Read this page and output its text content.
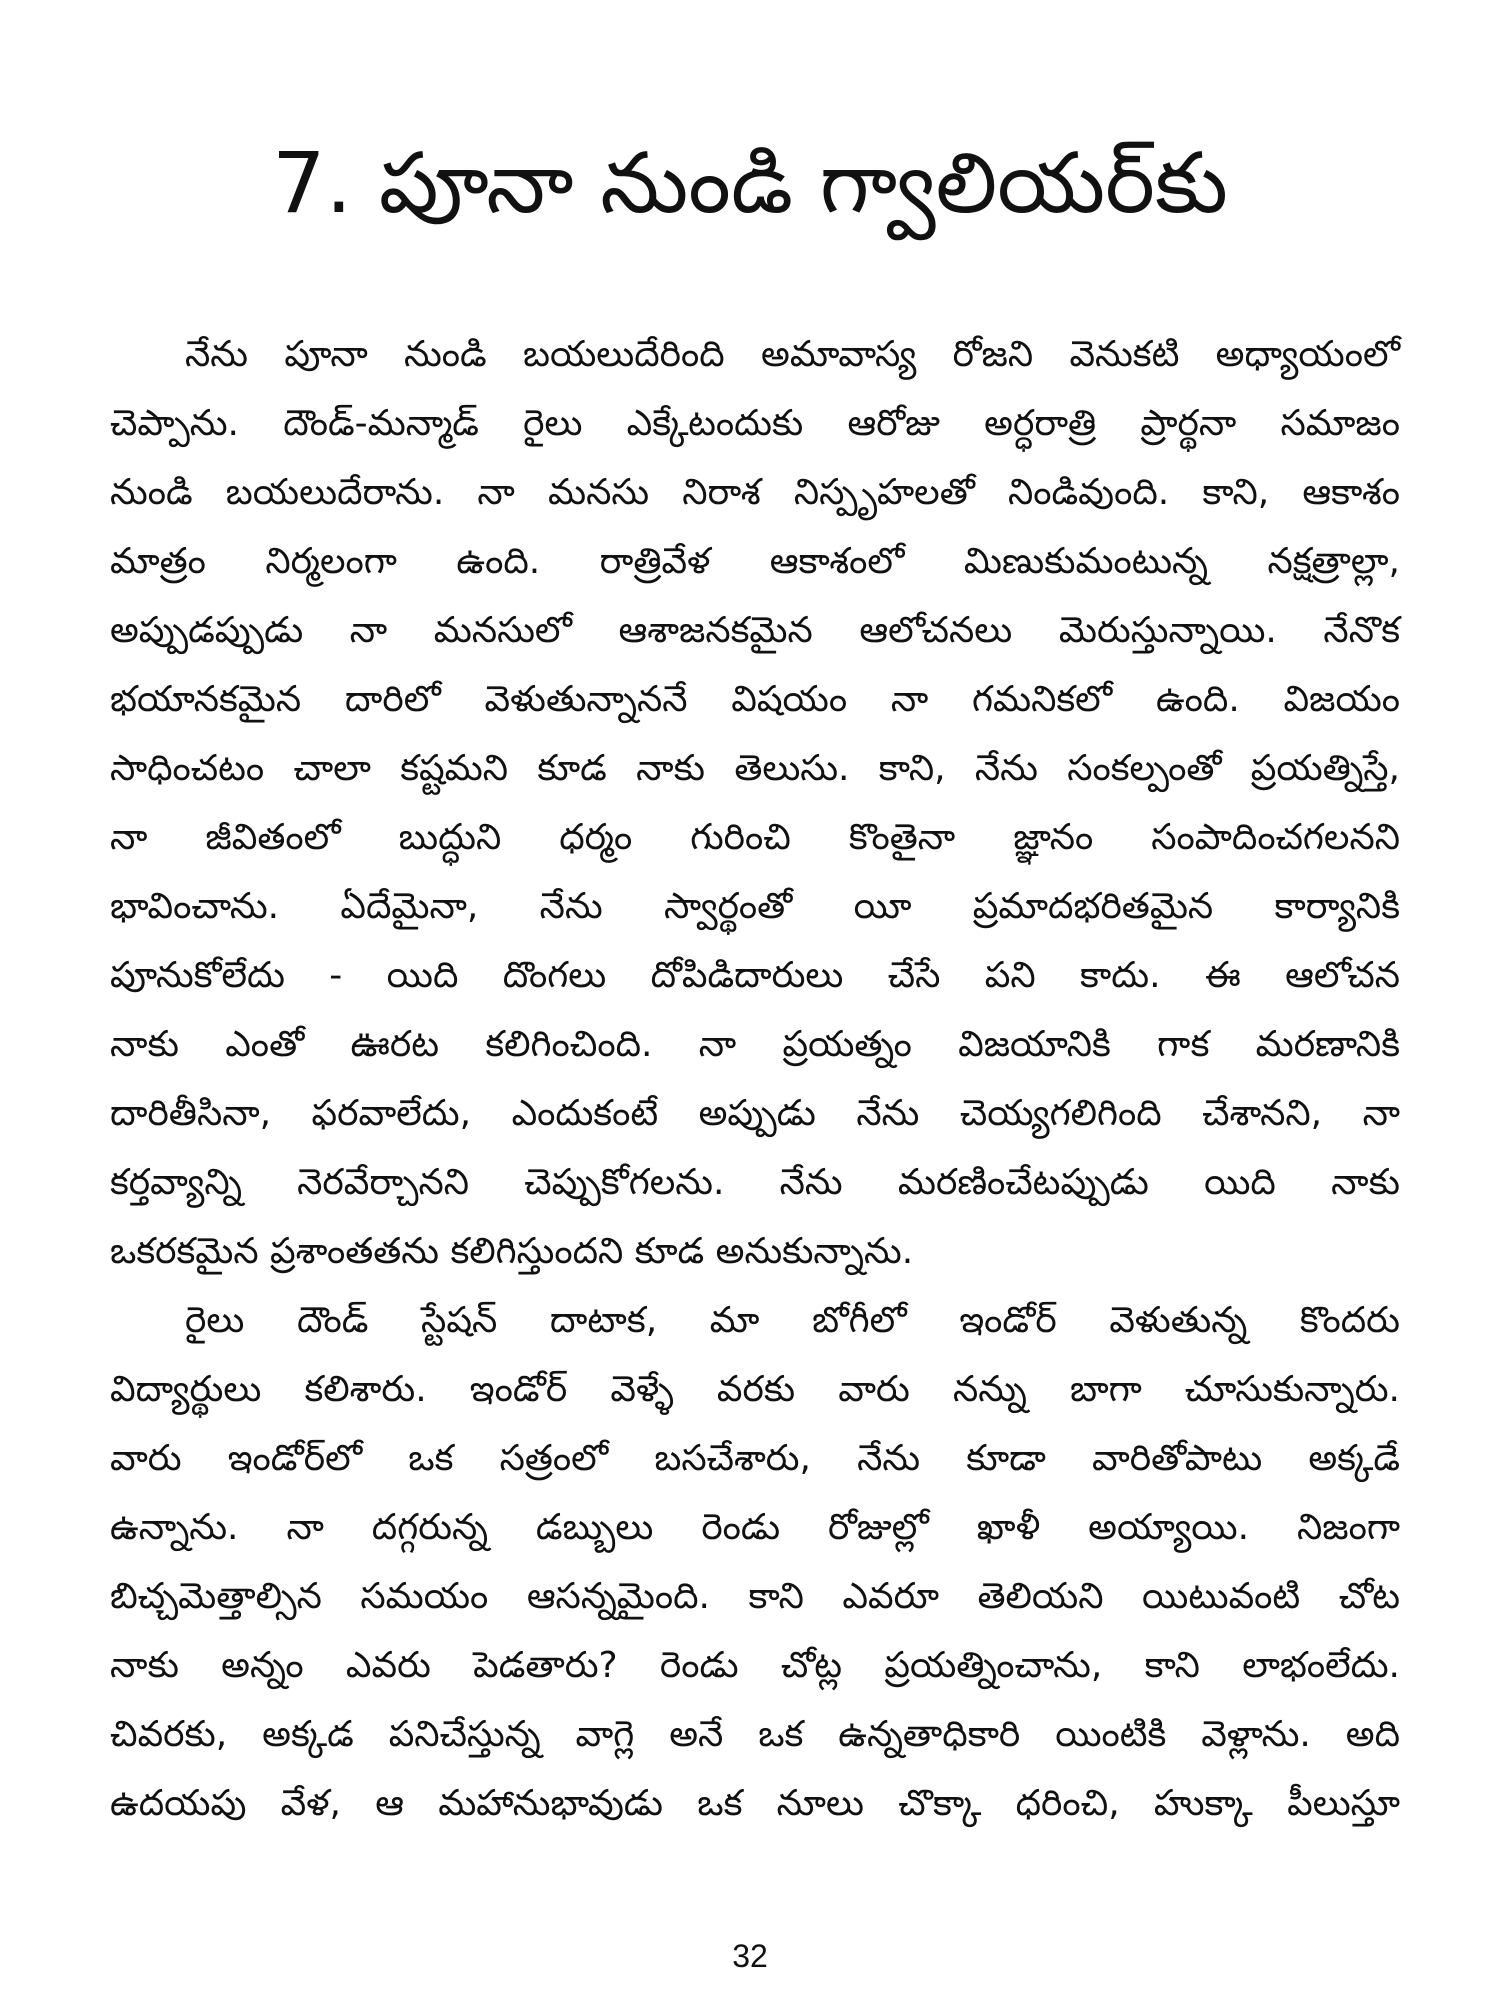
7. పూనా నుండి గ్వాలియర్‌కు
నేను పూనా నుండి బయలుదేరింది అమావాస్య రోజని వెనుకటి అధ్యాయంలో
చెప్పాను. దౌండ్‌-మన్మాడ్‌ రైలు ఎక్కేటందుకు ఆరోజు అర్ధరాత్రి ప్రార్థనా సమాజం
నుండి బయలుదేరాను. నా మనసు నిరాశ నిస్పృహలతో నిండివుంది. కాని, ఆకాశం
మాత్రం నిర్మలంగా ఉంది. రాత్రివేళ ఆకాశంలో మిణుకుమంటున్న నక్షత్రాల్లా,
అప్పుడప్పుడు నా మనసులో ఆశాజనకమైన ఆలోచనలు మెరుస్తున్నాయి. నేనొక
భయానకమైన దారిలో వెళుతున్నాననే విషయం నా గమనికలో ఉంది. విజయం
సాధించటం చాలా కష్టమని కూడ నాకు తెలుసు. కాని, నేను సంకల్పంతో ప్రయత్నిస్తే,
నా జీవితంలో బుద్ధుని ధర్మం గురించి కొంతైనా జ్ఞానం సంపాదించగలనని
భావించాను. ఏదేమైనా, నేను స్వార్థంతో యీ ప్రమాదభరితమైన కార్యానికి
పూనుకోలేదు - యిది దొంగలు దోపిడిదారులు చేసే పని కాదు. ఈ ఆలోచన
నాకు ఎంతో ఊరట కలిగించింది. నా ప్రయత్నం విజయానికి గాక మరణానికి
దారితీసినా, ఫరవాలేదు, ఎందుకంటే అప్పుడు నేను చెయ్యగలిగింది చేశానని, నా
కర్తవ్యాన్ని నెరవేర్చానని చెప్పుకోగలను. నేను మరణించేటప్పుడు యిది నాకు
ఒకరకమైన ప్రశాంతతను కలిగిస్తుందని కూడ అనుకున్నాను.
రైలు దౌండ్‌ స్టేషన్‌ దాటాక, మా బోగీలో ఇండోర్‌ వెళుతున్న కొందరు
విద్యార్థులు కలిశారు. ఇండోర్‌ వెళ్ళే వరకు వారు నన్ను బాగా చూసుకున్నారు.
వారు ఇండోర్‌లో ఒక సత్రంలో బసచేశారు, నేను కూడా వారితోపాటు అక్కడే
ఉన్నాను. నా దగ్గరున్న డబ్బులు రెండు రోజుల్లో ఖాళీ అయ్యాయి. నిజంగా
బిచ్చమెత్తాల్సిన సమయం ఆసన్నమైంది. కాని ఎవరూ తెలియని యిటువంటి చోట
నాకు అన్నం ఎవరు పెడతారు? రెండు చోట్ల ప్రయత్నించాను, కాని లాభంలేదు.
చివరకు, అక్కడ పనిచేస్తున్న వాగ్లె అనే ఒక ఉన్నతాధికారి యింటికి వెళ్లాను. అది
ఉదయపు వేళ, ఆ మహానుభావుడు ఒక నూలు చొక్కా ధరించి, హుక్కా పీలుస్తూ
32
